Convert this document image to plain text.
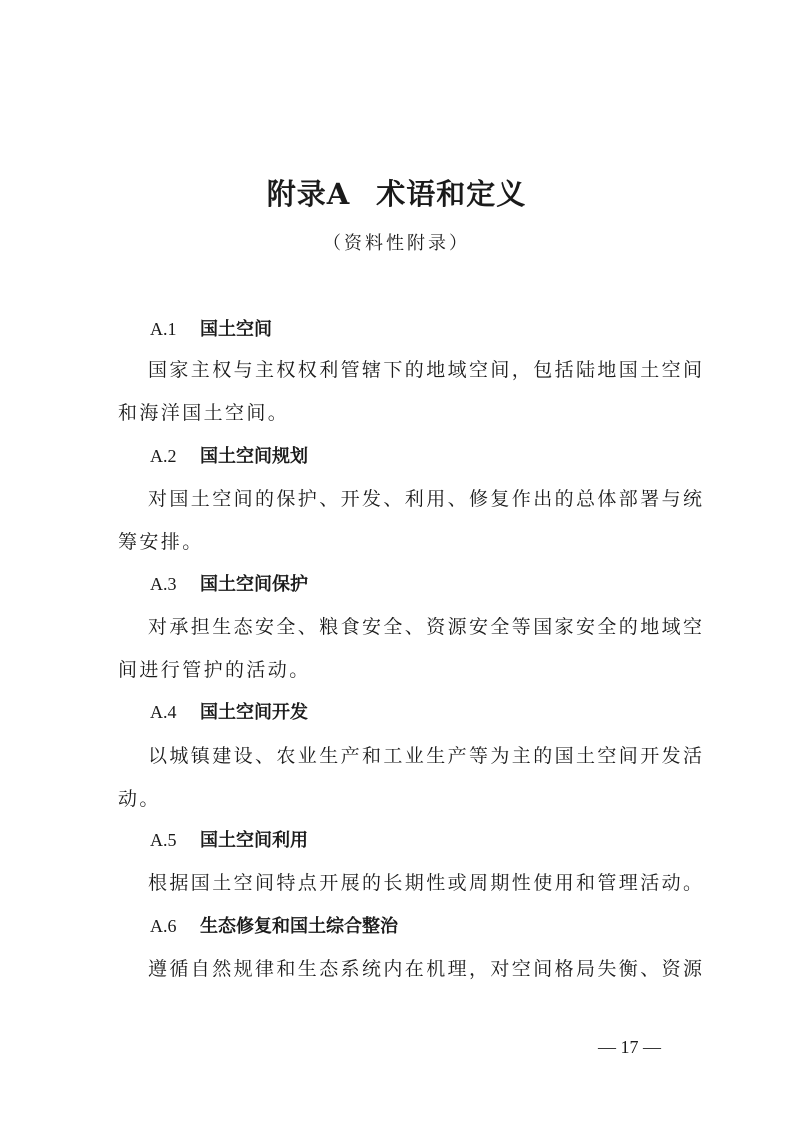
附录A 术语和定义
（资料性附录）
A.1 国土空间
国家主权与主权权利管辖下的地域空间，包括陆地国土空间
和海洋国土空间。
A.2 国土空间规划
对国土空间的保护、开发、利用、修复作出的总体部署与统
筹安排。
A.3 国土空间保护
对承担生态安全、粮食安全、资源安全等国家安全的地域空
间进行管护的活动。
A.4 国土空间开发
以城镇建设、农业生产和工业生产等为主的国土空间开发活
动。
A.5 国土空间利用
根据国土空间特点开展的长期性或周期性使用和管理活动。
A.6 生态修复和国土综合整治
遵循自然规律和生态系统内在机理，对空间格局失衡、资源
— 17 —
